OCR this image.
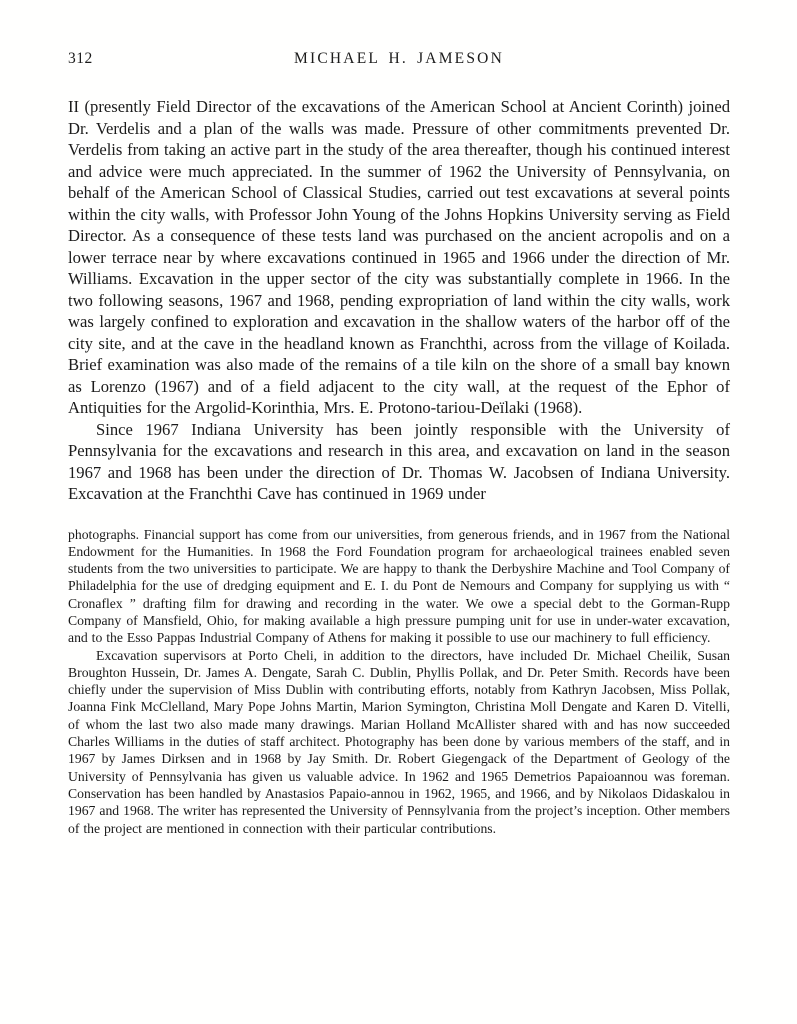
312	MICHAEL H. JAMESON

II (presently Field Director of the excavations of the American School at Ancient Corinth) joined Dr. Verdelis and a plan of the walls was made. Pressure of other commitments prevented Dr. Verdelis from taking an active part in the study of the area thereafter, though his continued interest and advice were much appreciated. In the summer of 1962 the University of Pennsylvania, on behalf of the American School of Classical Studies, carried out test excavations at several points within the city walls, with Professor John Young of the Johns Hopkins University serving as Field Director. As a consequence of these tests land was purchased on the ancient acropolis and on a lower terrace near by where excavations continued in 1965 and 1966 under the direction of Mr. Williams. Excavation in the upper sector of the city was substantially complete in 1966. In the two following seasons, 1967 and 1968, pending expropriation of land within the city walls, work was largely confined to exploration and excavation in the shallow waters of the harbor off of the city site, and at the cave in the headland known as Franchthi, across from the village of Koilada. Brief examination was also made of the remains of a tile kiln on the shore of a small bay known as Lorenzo (1967) and of a field adjacent to the city wall, at the request of the Ephor of Antiquities for the Argolid-Korinthia, Mrs. E. Protono-tariou-Deïlaki (1968).

Since 1967 Indiana University has been jointly responsible with the University of Pennsylvania for the excavations and research in this area, and excavation on land in the season 1967 and 1968 has been under the direction of Dr. Thomas W. Jacobsen of Indiana University. Excavation at the Franchthi Cave has continued in 1969 under

photographs. Financial support has come from our universities, from generous friends, and in 1967 from the National Endowment for the Humanities. In 1968 the Ford Foundation program for archaeological trainees enabled seven students from the two universities to participate. We are happy to thank the Derbyshire Machine and Tool Company of Philadelphia for the use of dredging equipment and E. I. du Pont de Nemours and Company for supplying us with “ Cronaflex ” drafting film for drawing and recording in the water. We owe a special debt to the Gorman-Rupp Company of Mansfield, Ohio, for making available a high pressure pumping unit for use in under-water excavation, and to the Esso Pappas Industrial Company of Athens for making it possible to use our machinery to full efficiency.

Excavation supervisors at Porto Cheli, in addition to the directors, have included Dr. Michael Cheilik, Susan Broughton Hussein, Dr. James A. Dengate, Sarah C. Dublin, Phyllis Pollak, and Dr. Peter Smith. Records have been chiefly under the supervision of Miss Dublin with contributing efforts, notably from Kathryn Jacobsen, Miss Pollak, Joanna Fink McClelland, Mary Pope Johns Martin, Marion Symington, Christina Moll Dengate and Karen D. Vitelli, of whom the last two also made many drawings. Marian Holland McAllister shared with and has now succeeded Charles Williams in the duties of staff architect. Photography has been done by various members of the staff, and in 1967 by James Dirksen and in 1968 by Jay Smith. Dr. Robert Giegengack of the Department of Geology of the University of Pennsylvania has given us valuable advice. In 1962 and 1965 Demetrios Papaioannou was foreman. Conservation has been handled by Anastasios Papaio-annou in 1962, 1965, and 1966, and by Nikolaos Didaskalou in 1967 and 1968. The writer has represented the University of Pennsylvania from the project’s inception. Other members of the project are mentioned in connection with their particular contributions.
